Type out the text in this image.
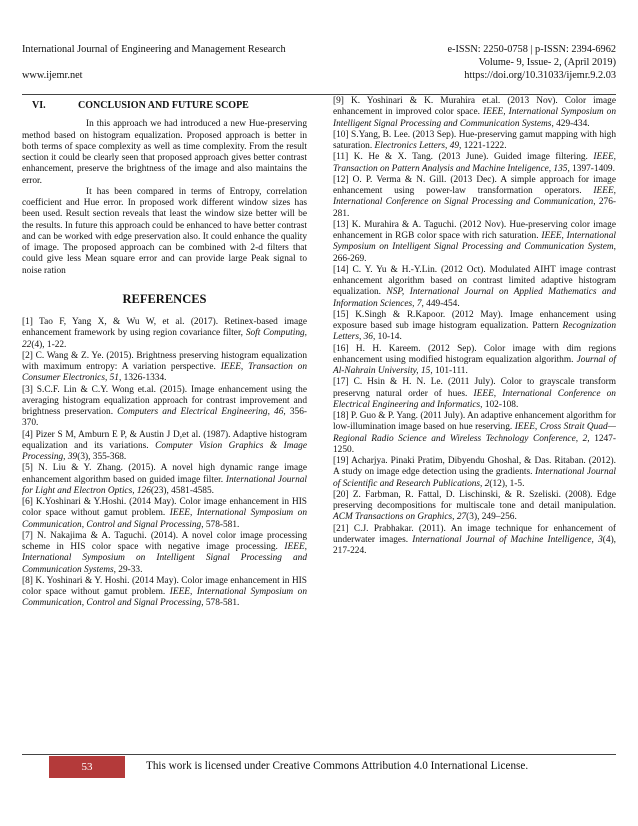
International Journal of Engineering and Management Research	e-ISSN: 2250-0758 | p-ISSN: 2394-6962
Volume- 9, Issue- 2, (April 2019)
www.ijemr.net	https://doi.org/10.31033/ijemr.9.2.03
VI.	CONCLUSION AND FUTURE SCOPE

In this approach we had introduced a new Hue-preserving method based on histogram equalization. Proposed approach is better in both terms of space complexity as well as time complexity. From the result section it could be clearly seen that proposed approach gives better contrast enhancement, preserve the brightness of the image and also maintains the error.

It has been compared in terms of Entropy, correlation coefficient and Hue error. In proposed work different window sizes has been used. Result section reveals that least the window size better will be the results. In future this approach could be enhanced to have better contrast and can be worked with edge preservation also. It could enhance the quality of image. The proposed approach can be combined with 2-d filters that could give less Mean square error and can provide large Peak signal to noise ration

REFERENCES

[1] Tao F, Yang X, & Wu W, et al. (2017). Retinex-based image enhancement framework by using region covariance filter, Soft Computing, 22(4), 1-22.

[2] C. Wang & Z. Ye. (2015). Brightness preserving histogram equalization with maximum entropy: A variation perspective. IEEE, Transaction on Consumer Electronics, 51, 1326-1334.

[3] S.C.F. Lin & C.Y. Wong et.al. (2015). Image enhancement using the averaging histogram equalization approach for contrast improvement and brightness preservation. Computers and Electrical Engineering, 46, 356-370.

[4] Pizer S M, Amburn E P, & Austin J D,et al. (1987). Adaptive histogram equalization and its variations. Computer Vision Graphics & Image Processing, 39(3), 355-368.

[5] N. Liu & Y. Zhang. (2015). A novel high dynamic range image enhancement algorithm based on guided image filter. International Journal for Light and Electron Optics, 126(23), 4581-4585.

[6] K.Yoshinari & Y.Hoshi. (2014 May). Color image enhancement in HIS color space without gamut problem. IEEE, International Symposium on Communication, Control and Signal Processing, 578-581.

[7] N. Nakajima & A. Taguchi. (2014). A novel color image processing scheme in HIS color space with negative image processing. IEEE, International Symposium on Intelligent Signal Processing and Communication Systems, 29-33.

[8] K. Yoshinari & Y. Hoshi. (2014 May). Color image enhancement in HIS color space without gamut problem. IEEE, International Symposium on Communication, Control and Signal Processing, 578-581.

[9] K. Yoshinari & K. Murahira et.al. (2013 Nov). Color image enhancement in improved color space. IEEE, International Symposium on Intelligent Signal Processing and Communication Systems, 429-434.

[10] S.Yang, B. Lee. (2013 Sep). Hue-preserving gamut mapping with high saturation. Electronics Letters, 49, 1221-1222.

[11] K. He & X. Tang. (2013 June). Guided image filtering. IEEE, Transaction on Pattern Analysis and Machine Inteligence, 135, 1397-1409.

[12] O. P. Verma & N. Gill. (2013 Dec). A simple approach for image enhancement using power-law transformation operators. IEEE, International Conference on Signal Processing and Communication, 276-281.

[13] K. Murahira & A. Taguchi. (2012 Nov). Hue-preserving color image enhancement in RGB color space with rich saturation. IEEE, International Symposium on Intelligent Signal Processing and Communication System, 266-269.

[14] C. Y. Yu & H.-Y.Lin. (2012 Oct). Modulated AIHT image contrast enhancement algorithm based on contrast limited adaptive histogram equalization. NSP, International Journal on Applied Mathematics and Information Sciences, 7, 449-454.

[15] K.Singh & R.Kapoor. (2012 May). Image enhancement using exposure based sub image histogram equalization. Pattern Recognization Letters, 36, 10-14.

[16] H. H. Kareem. (2012 Sep). Color image with dim regions enhancement using modified histogram equalization algorithm. Journal of Al-Nahrain University, 15, 101-111.

[17] C. Hsin & H. N. Le. (2011 July). Color to grayscale transform preservng natural order of hues. IEEE, International Conference on Electrical Engineering and Informatics, 102-108.

[18] P. Guo & P. Yang. (2011 July). An adaptive enhancement algorithm for low-illumination image based on hue reserving. IEEE, Cross Strait Quad—Regional Radio Science and Wireless Technology Conference, 2, 1247-1250.

[19] Acharjya. Pinaki Pratim, Dibyendu Ghoshal, & Das. Ritaban. (2012). A study on image edge detection using the gradients. International Journal of Scientific and Research Publications, 2(12), 1-5.

[20] Z. Farbman, R. Fattal, D. Lischinski, & R. Szeliski. (2008). Edge preserving decompositions for multiscale tone and detail manipulation. ACM Transactions on Graphics, 27(3), 249–256.

[21] C.J. Prabhakar. (2011). An image technique for enhancement of underwater images. International Journal of Machine Intelligence, 3(4), 217-224.

53	This work is licensed under Creative Commons Attribution 4.0 International License.
